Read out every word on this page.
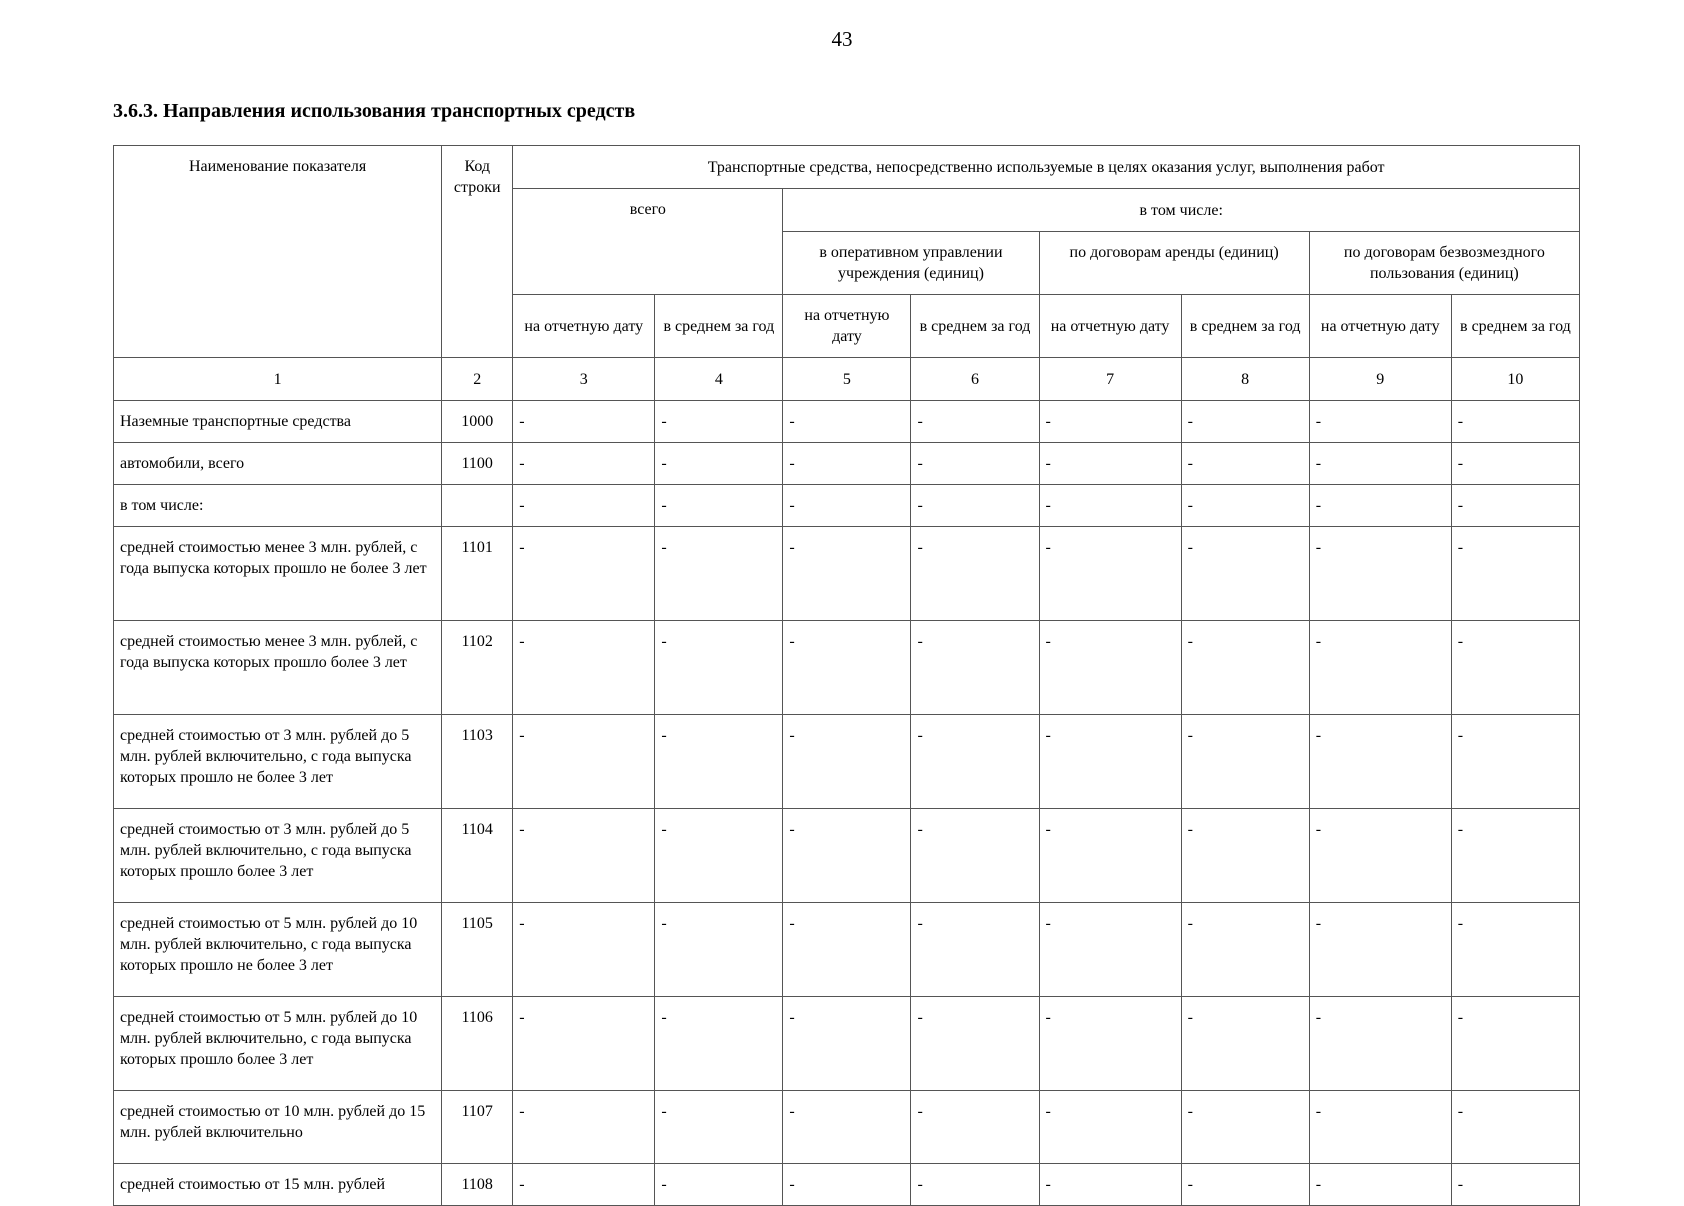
43
3.6.3. Направления использования транспортных средств
Наименование показателя	Код строки	Транспортные средства, непосредственно используемые в целях оказания услуг, выполнения работ							
		всего		в том числе:					
				в оперативном управлении учреждения (единиц)		по договорам аренды (единиц)		по договорам безвозмездного пользования (единиц)	
		на отчетную дату	в среднем за год	на отчетную дату	в среднем за год	на отчетную дату	в среднем за год	на отчетную дату	в среднем за год
1	2	3	4	5	6	7	8	9	10
Наземные транспортные средства	1000	-	-	-	-	-	-	-	-
автомобили, всего	1100	-	-	-	-	-	-	-	-
в том числе:		-	-	-	-	-	-	-	-
средней стоимостью менее 3 млн. рублей, с года выпуска которых прошло не более 3 лет	1101	-	-	-	-	-	-	-	-
средней стоимостью менее 3 млн. рублей, с года выпуска которых прошло более 3 лет	1102	-	-	-	-	-	-	-	-
средней стоимостью от 3 млн. рублей до 5 млн. рублей включительно, с года выпуска которых прошло не более 3 лет	1103	-	-	-	-	-	-	-	-
средней стоимостью от 3 млн. рублей до 5 млн. рублей включительно, с года выпуска которых прошло более 3 лет	1104	-	-	-	-	-	-	-	-
средней стоимостью от 5 млн. рублей до 10 млн. рублей включительно, с года выпуска которых прошло не более 3 лет	1105	-	-	-	-	-	-	-	-
средней стоимостью от 5 млн. рублей до 10 млн. рублей включительно, с года выпуска которых прошло более 3 лет	1106	-	-	-	-	-	-	-	-
средней стоимостью от 10 млн. рублей до 15 млн. рублей включительно	1107	-	-	-	-	-	-	-	-
средней стоимостью от 15 млн. рублей	1108	-	-	-	-	-	-	-	-
